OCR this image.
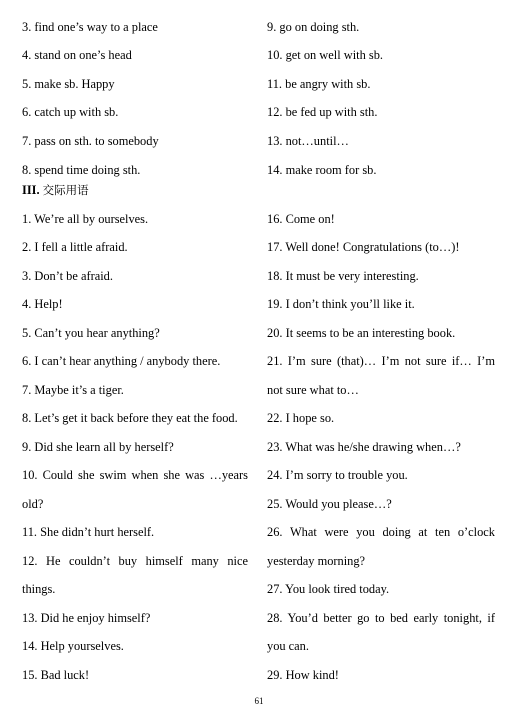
3. find one’s way to a place
4. stand on one’s head
5. make sb. Happy
6. catch up with sb.
7. pass on sth. to somebody
8. spend time doing sth.
9. go on doing sth.
10. get on well with sb.
11. be angry with sb.
12. be fed up with sth.
13. not…until…
14. make room for sb.
III. 交际用语
1. We’re all by ourselves.
2. I fell a little afraid.
3. Don’t be afraid.
4. Help!
5. Can’t you hear anything?
6. I can’t hear anything / anybody there.
7. Maybe it’s a tiger.
8. Let’s get it back before they eat the food.
9. Did she learn all by herself?
10. Could she swim when she was …years
old?
11. She didn’t hurt herself.
12. He couldn’t buy himself many nice
things.
13. Did he enjoy himself?
14. Help yourselves.
15. Bad luck!
16. Come on!
17. Well done! Congratulations (to…)!
18. It must be very interesting.
19. I don’t think you’ll like it.
20. It seems to be an interesting book.
21. I’m sure (that)… I’m not sure if… I’m
not sure what to…
22. I hope so.
23. What was he/she drawing when…?
24. I’m sorry to trouble you.
25. Would you please…?
26. What were you doing at ten o’clock
yesterday morning?
27. You look tired today.
28. You’d better go to bed early tonight, if
you can.
29. How kind!
61
